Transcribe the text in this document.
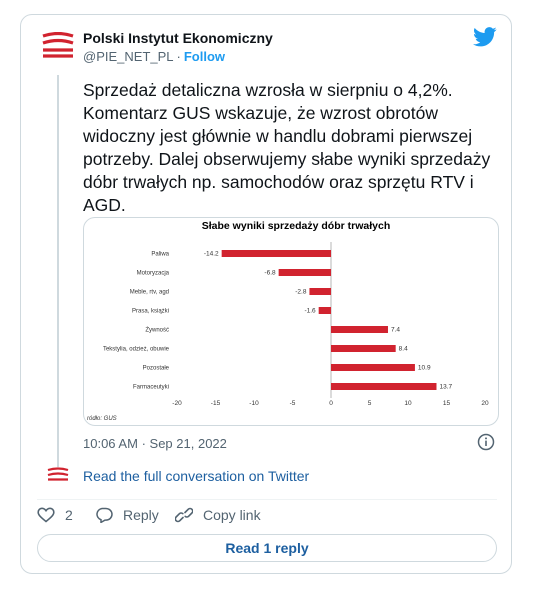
Polski Instytut Ekonomiczny
@PIE_NET_PL · Follow
Sprzedaż detaliczna wzrosła w sierpniu o 4,2%. Komentarz GUS wskazuje, że wzrost obrotów widoczny jest głównie w handlu dobrami pierwszej potrzeby. Dalej obserwujemy słabe wyniki sprzedaży dóbr trwałych np. samochodów oraz sprzętu RTV i AGD.
Słabe wyniki sprzedaży dóbr trwałych
ródło: GUS
Paliwa	-14.2
Motoryzacja	-6.8
Meble, rtv, agd	-2.8
Prasa, książki	-1.6
Żywność	7.4
Tekstylia, odzież, obuwie	8.4
Pozostałe	10.9
Farmaceutyki	13.7
-20	-15	-10	-5	0	5	10	15	20
10:06 AM · Sep 21, 2022
Read the full conversation on Twitter
2	Reply	Copy link
Read 1 reply
